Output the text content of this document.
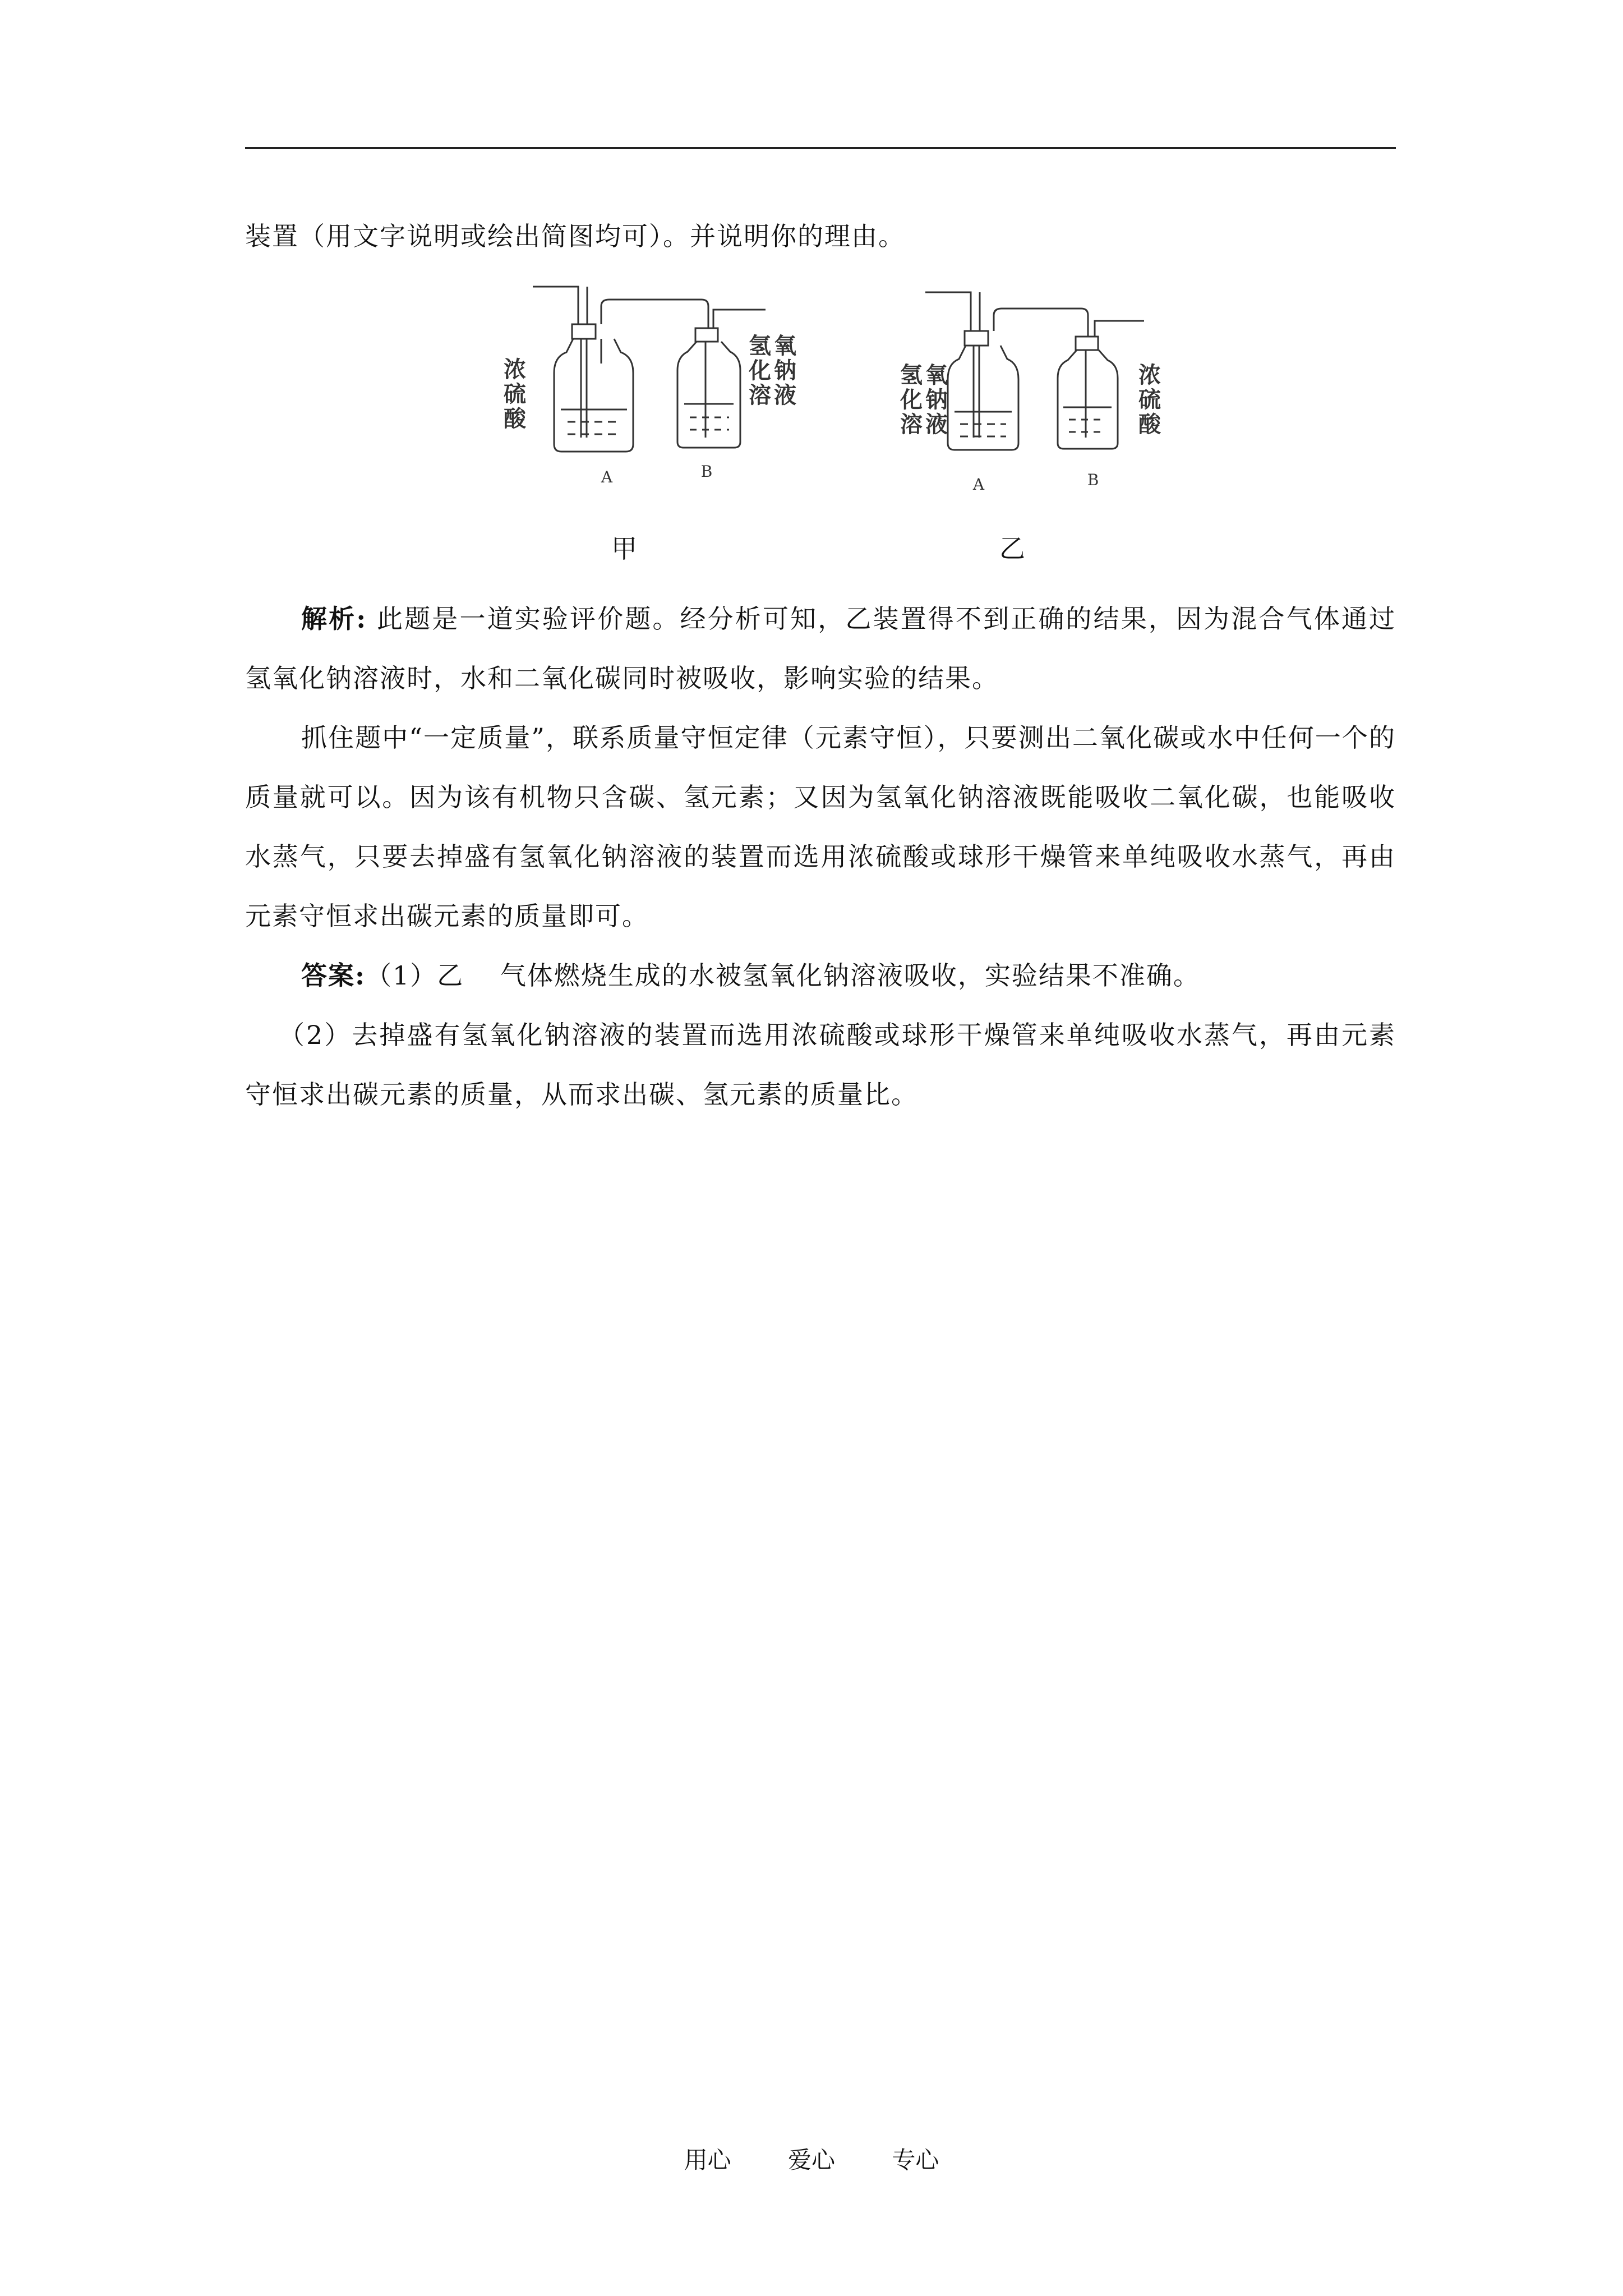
装置（用文字说明或绘出简图均可）。并说明你的理由。

浓
硫
酸
氢
化
溶
氧
钠
液
A	B
氢
化
溶
氧
钠
液
浓
硫
酸
A	B
甲	乙

解析: 此题是一道实验评价题。经分析可知，乙装置得不到正确的结果，因为混合气体通过氢氧化钠溶液时，水和二氧化碳同时被吸收，影响实验的结果。

抓住题中“一定质量”，联系质量守恒定律（元素守恒），只要测出二氧化碳或水中任何一个的质量就可以。因为该有机物只含碳、氢元素；又因为氢氧化钠溶液既能吸收二氧化碳，也能吸收水蒸气，只要去掉盛有氢氧化钠溶液的装置而选用浓硫酸或球形干燥管来单纯吸收水蒸气，再由元素守恒求出碳元素的质量即可。

答案:（1）乙　 气体燃烧生成的水被氢氧化钠溶液吸收，实验结果不准确。

（2）去掉盛有氢氧化钠溶液的装置而选用浓硫酸或球形干燥管来单纯吸收水蒸气，再由元素守恒求出碳元素的质量，从而求出碳、氢元素的质量比。

用心 爱心 专心
